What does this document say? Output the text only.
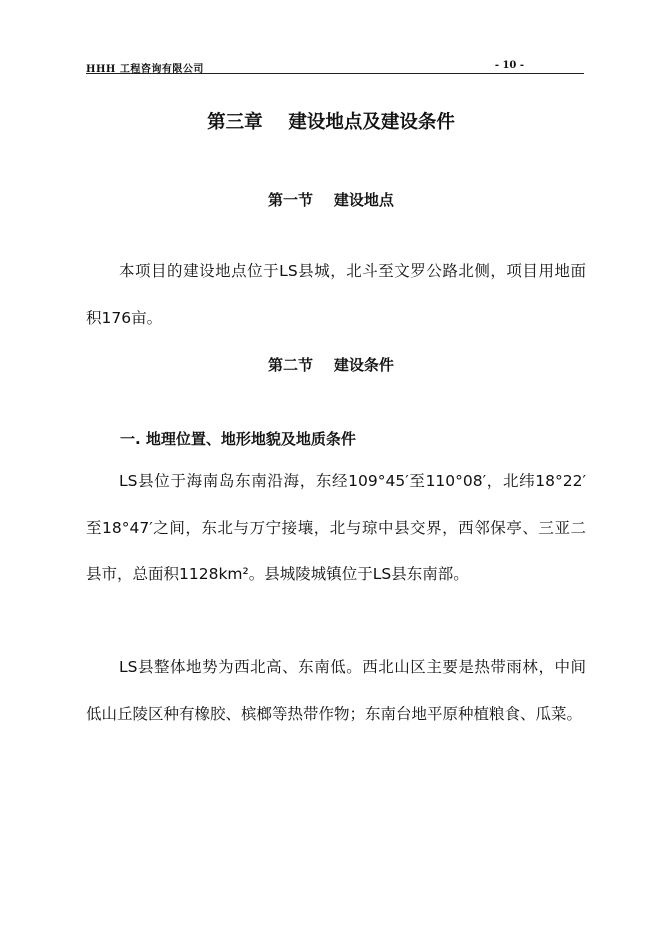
HHH 工程咨询有限公司	- 10 -
第三章    建设地点及建设条件
第一节    建设地点

本项目的建设地点位于LS县城，北斗至文罗公路北侧，项目用地面积176亩。

第二节    建设条件
一. 地理位置、地形地貌及地质条件

LS县位于海南岛东南沿海，东经109°45′至110°08′，北纬18°22′至18°47′之间，东北与万宁接壤，北与琼中县交界，西邻保亭、三亚二县市，总面积1128km²。县城陵城镇位于LS县东南部。

LS县整体地势为西北高、东南低。西北山区主要是热带雨林，中间低山丘陵区种有橡胶、槟榔等热带作物；东南台地平原种植粮食、瓜菜。
